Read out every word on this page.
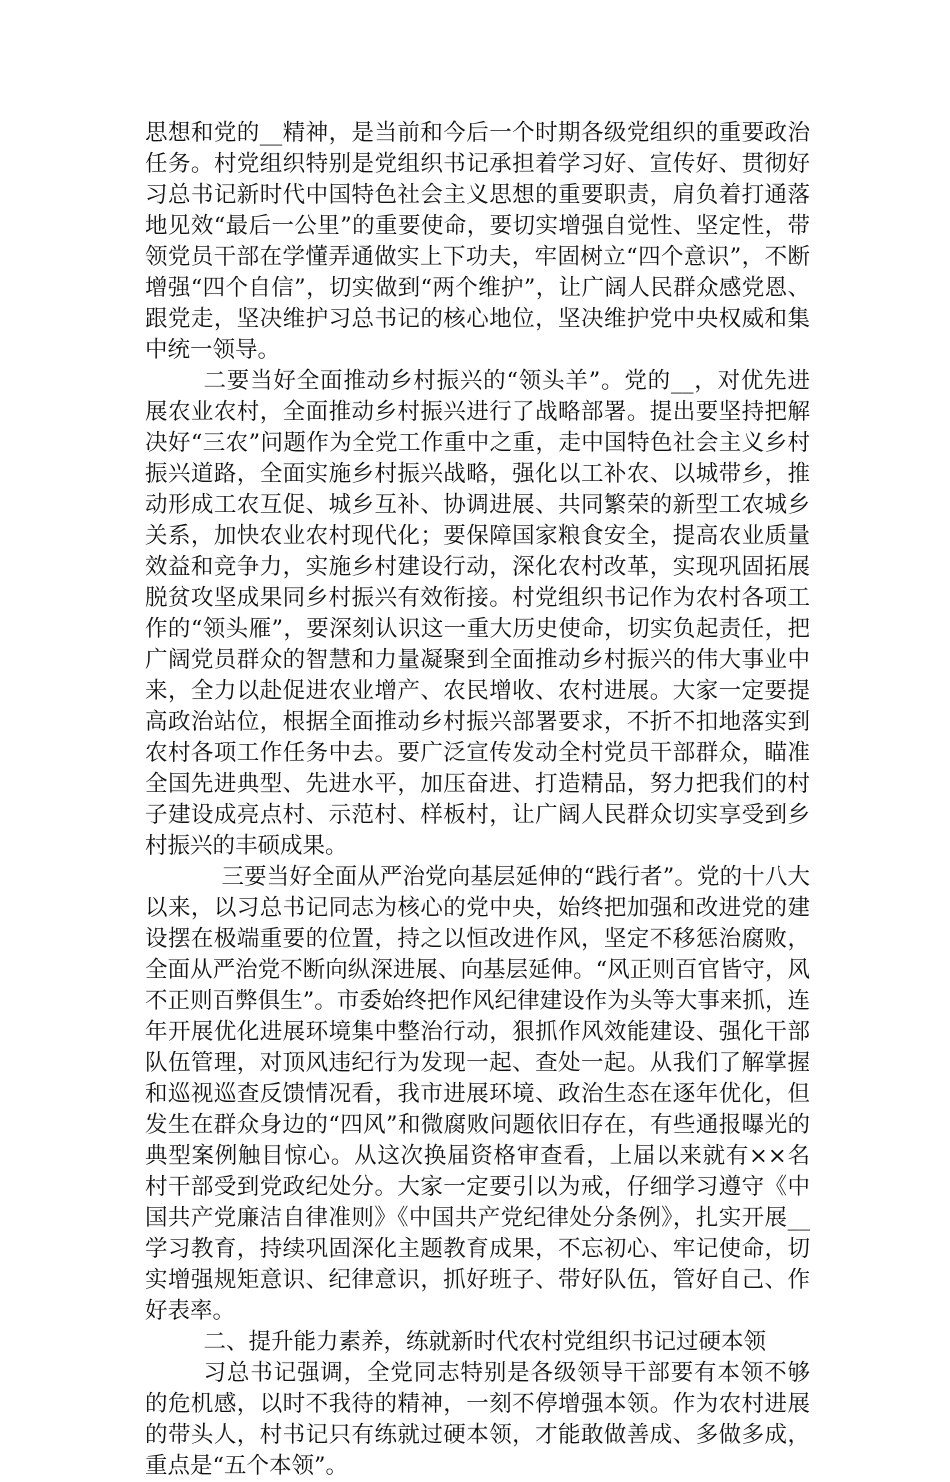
思想和党的__精神，是当前和今后一个时期各级党组织的重要政治任务。村党组织特别是党组织书记承担着学习好、宣传好、贯彻好习总书记新时代中国特色社会主义思想的重要职责，肩负着打通落地见效“最后一公里”的重要使命，要切实增强自觉性、坚定性，带领党员干部在学懂弄通做实上下功夫，牢固树立“四个意识”，不断增强“四个自信”，切实做到“两个维护”，让广阔人民群众感党恩、跟党走，坚决维护习总书记的核心地位，坚决维护党中央权威和集中统一领导。

二要当好全面推动乡村振兴的“领头羊”。党的__，对优先进展农业农村，全面推动乡村振兴进行了战略部署。提出要坚持把解决好“三农”问题作为全党工作重中之重，走中国特色社会主义乡村振兴道路，全面实施乡村振兴战略，强化以工补农、以城带乡，推动形成工农互促、城乡互补、协调进展、共同繁荣的新型工农城乡关系，加快农业农村现代化；要保障国家粮食安全，提高农业质量效益和竞争力，实施乡村建设行动，深化农村改革，实现巩固拓展脱贫攻坚成果同乡村振兴有效衔接。村党组织书记作为农村各项工作的“领头雁”，要深刻认识这一重大历史使命，切实负起责任，把广阔党员群众的智慧和力量凝聚到全面推动乡村振兴的伟大事业中来，全力以赴促进农业增产、农民增收、农村进展。大家一定要提高政治站位，根据全面推动乡村振兴部署要求，不折不扣地落实到农村各项工作任务中去。要广泛宣传发动全村党员干部群众，瞄准全国先进典型、先进水平，加压奋进、打造精品，努力把我们的村子建设成亮点村、示范村、样板村，让广阔人民群众切实享受到乡村振兴的丰硕成果。

三要当好全面从严治党向基层延伸的“践行者”。党的十八大以来，以习总书记同志为核心的党中央，始终把加强和改进党的建设摆在极端重要的位置，持之以恒改进作风，坚定不移惩治腐败，全面从严治党不断向纵深进展、向基层延伸。“风正则百官皆守，风不正则百弊俱生”。市委始终把作风纪律建设作为头等大事来抓，连年开展优化进展环境集中整治行动，狠抓作风效能建设、强化干部队伍管理，对顶风违纪行为发现一起、查处一起。从我们了解掌握和巡视巡查反馈情况看，我市进展环境、政治生态在逐年优化，但发生在群众身边的“四风”和微腐败问题依旧存在，有些通报曝光的典型案例触目惊心。从这次换届资格审查看，上届以来就有××名村干部受到党政纪处分。大家一定要引以为戒，仔细学习遵守《中国共产党廉洁自律准则》《中国共产党纪律处分条例》，扎实开展__学习教育，持续巩固深化主题教育成果，不忘初心、牢记使命，切实增强规矩意识、纪律意识，抓好班子、带好队伍，管好自己、作好表率。

二、提升能力素养，练就新时代农村党组织书记过硬本领

习总书记强调，全党同志特别是各级领导干部要有本领不够的危机感，以时不我待的精神，一刻不停增强本领。作为农村进展的带头人，村书记只有练就过硬本领，才能敢做善成、多做多成，重点是“五个本领”。
